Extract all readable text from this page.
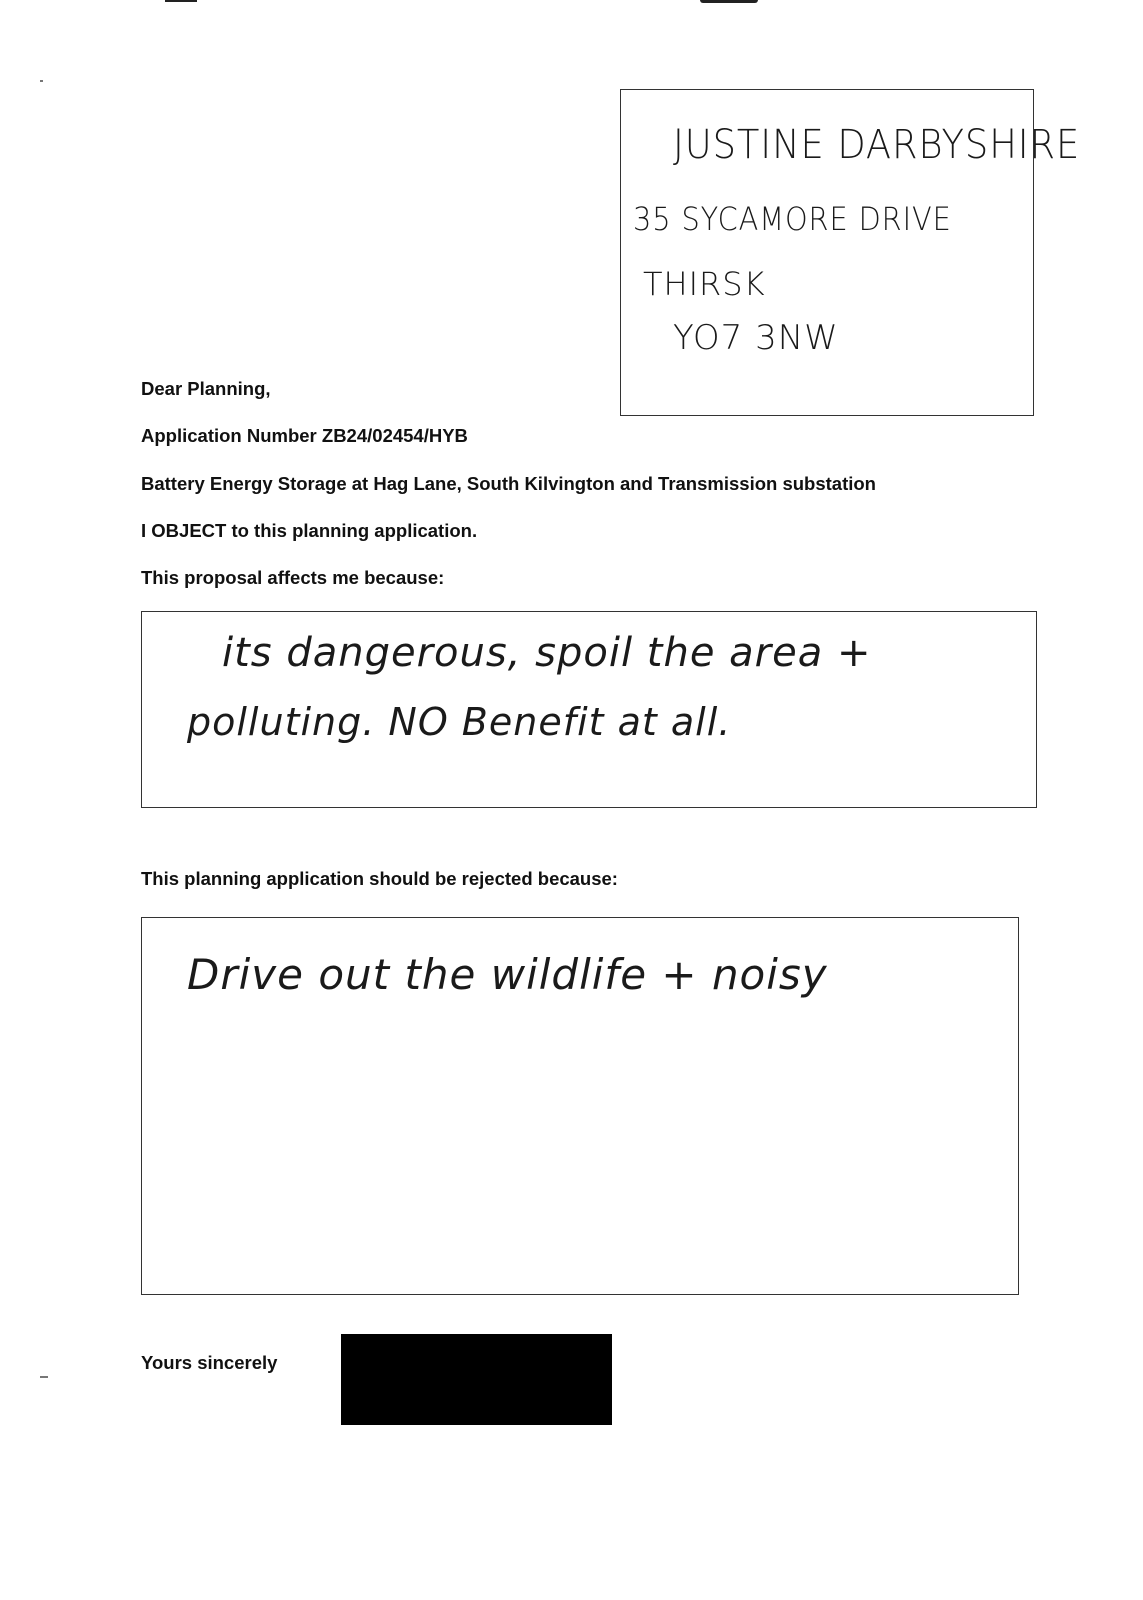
JUSTINE DARBYSHIRE
35 SYCAMORE DRIVE
THIRSK
YO7 3NW
Dear Planning,
Application Number ZB24/02454/HYB
Battery Energy Storage at Hag Lane, South Kilvington and Transmission substation
I OBJECT to this planning application.
This proposal affects me because:
its dangerous, spoil the area +
polluting. NO Benefit at all.
This planning application should be rejected because:
Drive out the wildlife + noisy
Yours sincerely
